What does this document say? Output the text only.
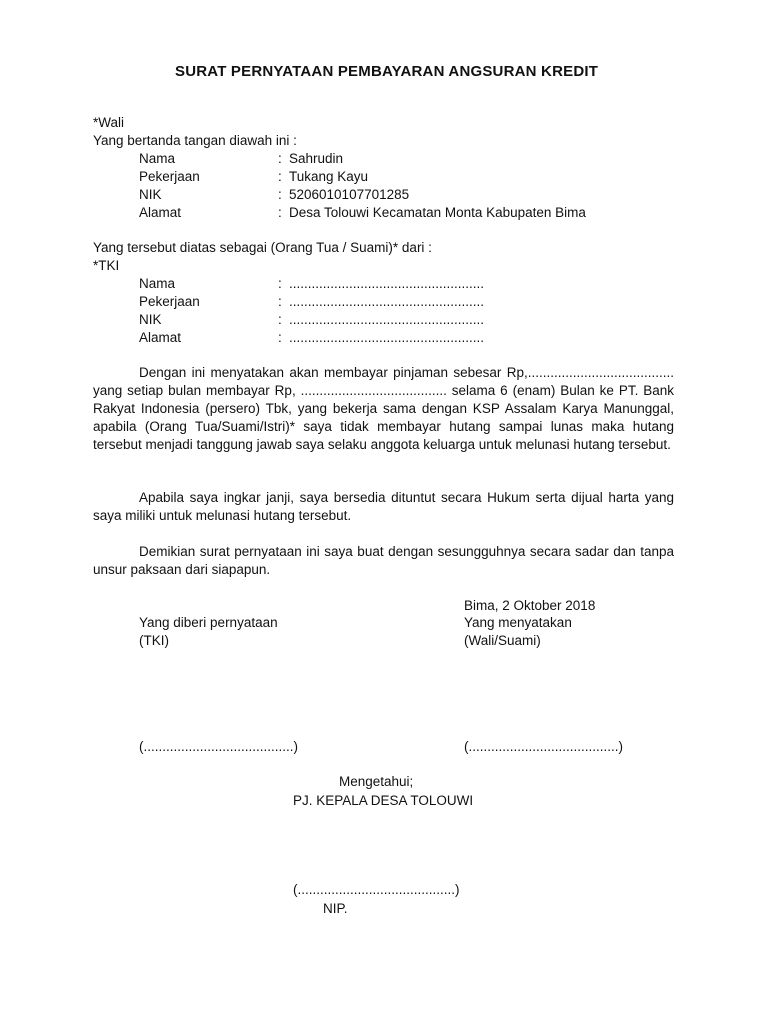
SURAT PERNYATAAN PEMBAYARAN ANGSURAN KREDIT
*Wali
Yang bertanda tangan diawah ini :
Nama	: Sahrudin
Pekerjaan	: Tukang Kayu
NIK	: 5206010107701285
Alamat	: Desa Tolouwi Kecamatan Monta Kabupaten Bima
Yang tersebut diatas sebagai (Orang Tua / Suami)* dari :
*TKI
Nama	: ....................................................
Pekerjaan	: ....................................................
NIK	: ....................................................
Alamat	: ....................................................
Dengan ini menyatakan akan membayar pinjaman sebesar Rp,....................................... yang setiap bulan membayar Rp, ....................................... selama 6 (enam) Bulan ke PT. Bank Rakyat Indonesia (persero) Tbk, yang bekerja sama dengan KSP Assalam Karya Manunggal, apabila (Orang Tua/Suami/Istri)* saya tidak membayar hutang sampai lunas maka hutang tersebut menjadi tanggung jawab saya selaku anggota keluarga untuk melunasi hutang tersebut.
Apabila saya ingkar janji, saya bersedia dituntut secara Hukum serta dijual harta yang saya miliki untuk melunasi hutang tersebut.
Demikian surat pernyataan ini saya buat dengan sesungguhnya secara sadar dan tanpa unsur paksaan dari siapapun.
Bima, 2 Oktober 2018
Yang diberi pernyataan	Yang menyatakan
(TKI)	(Wali/Suami)
(........................................)	(........................................)
Mengetahui;
PJ. KEPALA DESA TOLOUWI
(..........................................)
NIP.
